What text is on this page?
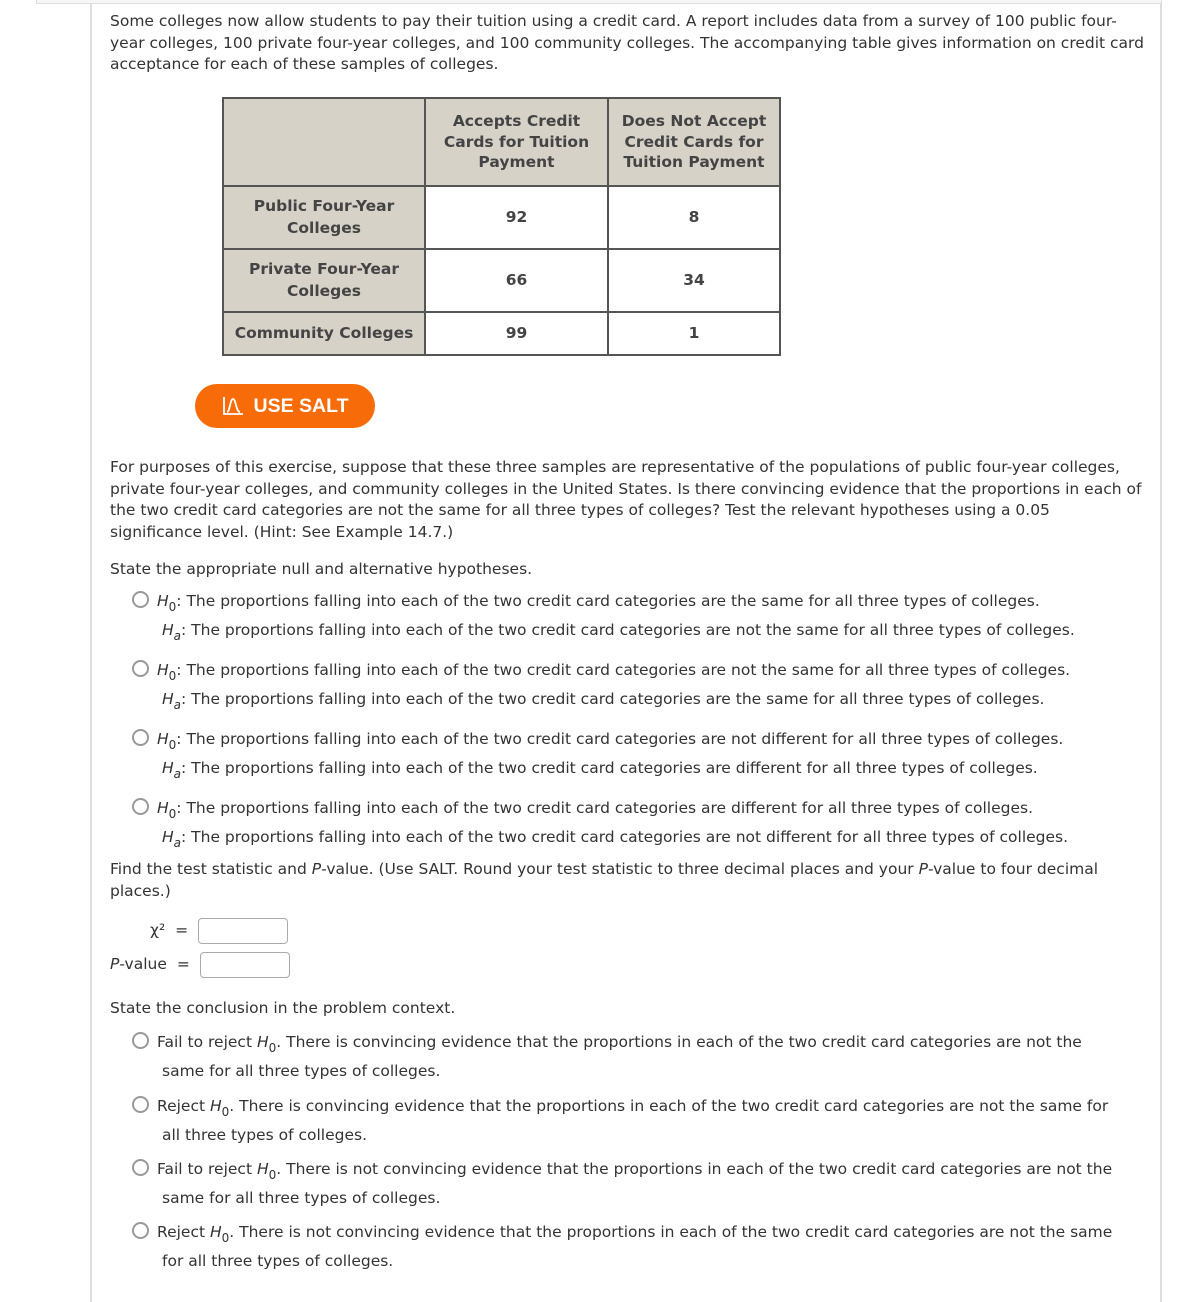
Some colleges now allow students to pay their tuition using a credit card. A report includes data from a survey of 100 public four-year colleges, 100 private four-year colleges, and 100 community colleges. The accompanying table gives information on credit card acceptance for each of these samples of colleges.

	Accepts Credit Cards for Tuition Payment	Does Not Accept Credit Cards for Tuition Payment
Public Four-Year Colleges	92	8
Private Four-Year Colleges	66	34
Community Colleges	99	1
USE SALT

For purposes of this exercise, suppose that these three samples are representative of the populations of public four-year colleges, private four-year colleges, and community colleges in the United States. Is there convincing evidence that the proportions in each of the two credit card categories are not the same for all three types of colleges? Test the relevant hypotheses using a 0.05 significance level. (Hint: See Example 14.7.)

State the appropriate null and alternative hypotheses.

$H_0$: The proportions falling into each of the two credit card categories are the same for all three types of colleges.
$H_a$: The proportions falling into each of the two credit card categories are not the same for all three types of colleges.
$H_0$: The proportions falling into each of the two credit card categories are not the same for all three types of colleges.
$H_a$: The proportions falling into each of the two credit card categories are the same for all three types of colleges.
$H_0$: The proportions falling into each of the two credit card categories are not different for all three types of colleges.
$H_a$: The proportions falling into each of the two credit card categories are different for all three types of colleges.
$H_0$: The proportions falling into each of the two credit card categories are different for all three types of colleges.
$H_a$: The proportions falling into each of the two credit card categories are not different for all three types of colleges.

Find the test statistic and P-value. (Use SALT. Round your test statistic to three decimal places and your P-value to four decimal places.)

χ² =
P-value =

State the conclusion in the problem context.

Fail to reject $H_0$. There is convincing evidence that the proportions in each of the two credit card categories are not the
same for all three types of colleges.
Reject $H_0$. There is convincing evidence that the proportions in each of the two credit card categories are not the same for
all three types of colleges.
Fail to reject $H_0$. There is not convincing evidence that the proportions in each of the two credit card categories are not the
same for all three types of colleges.
Reject $H_0$. There is not convincing evidence that the proportions in each of the two credit card categories are not the same
for all three types of colleges.
